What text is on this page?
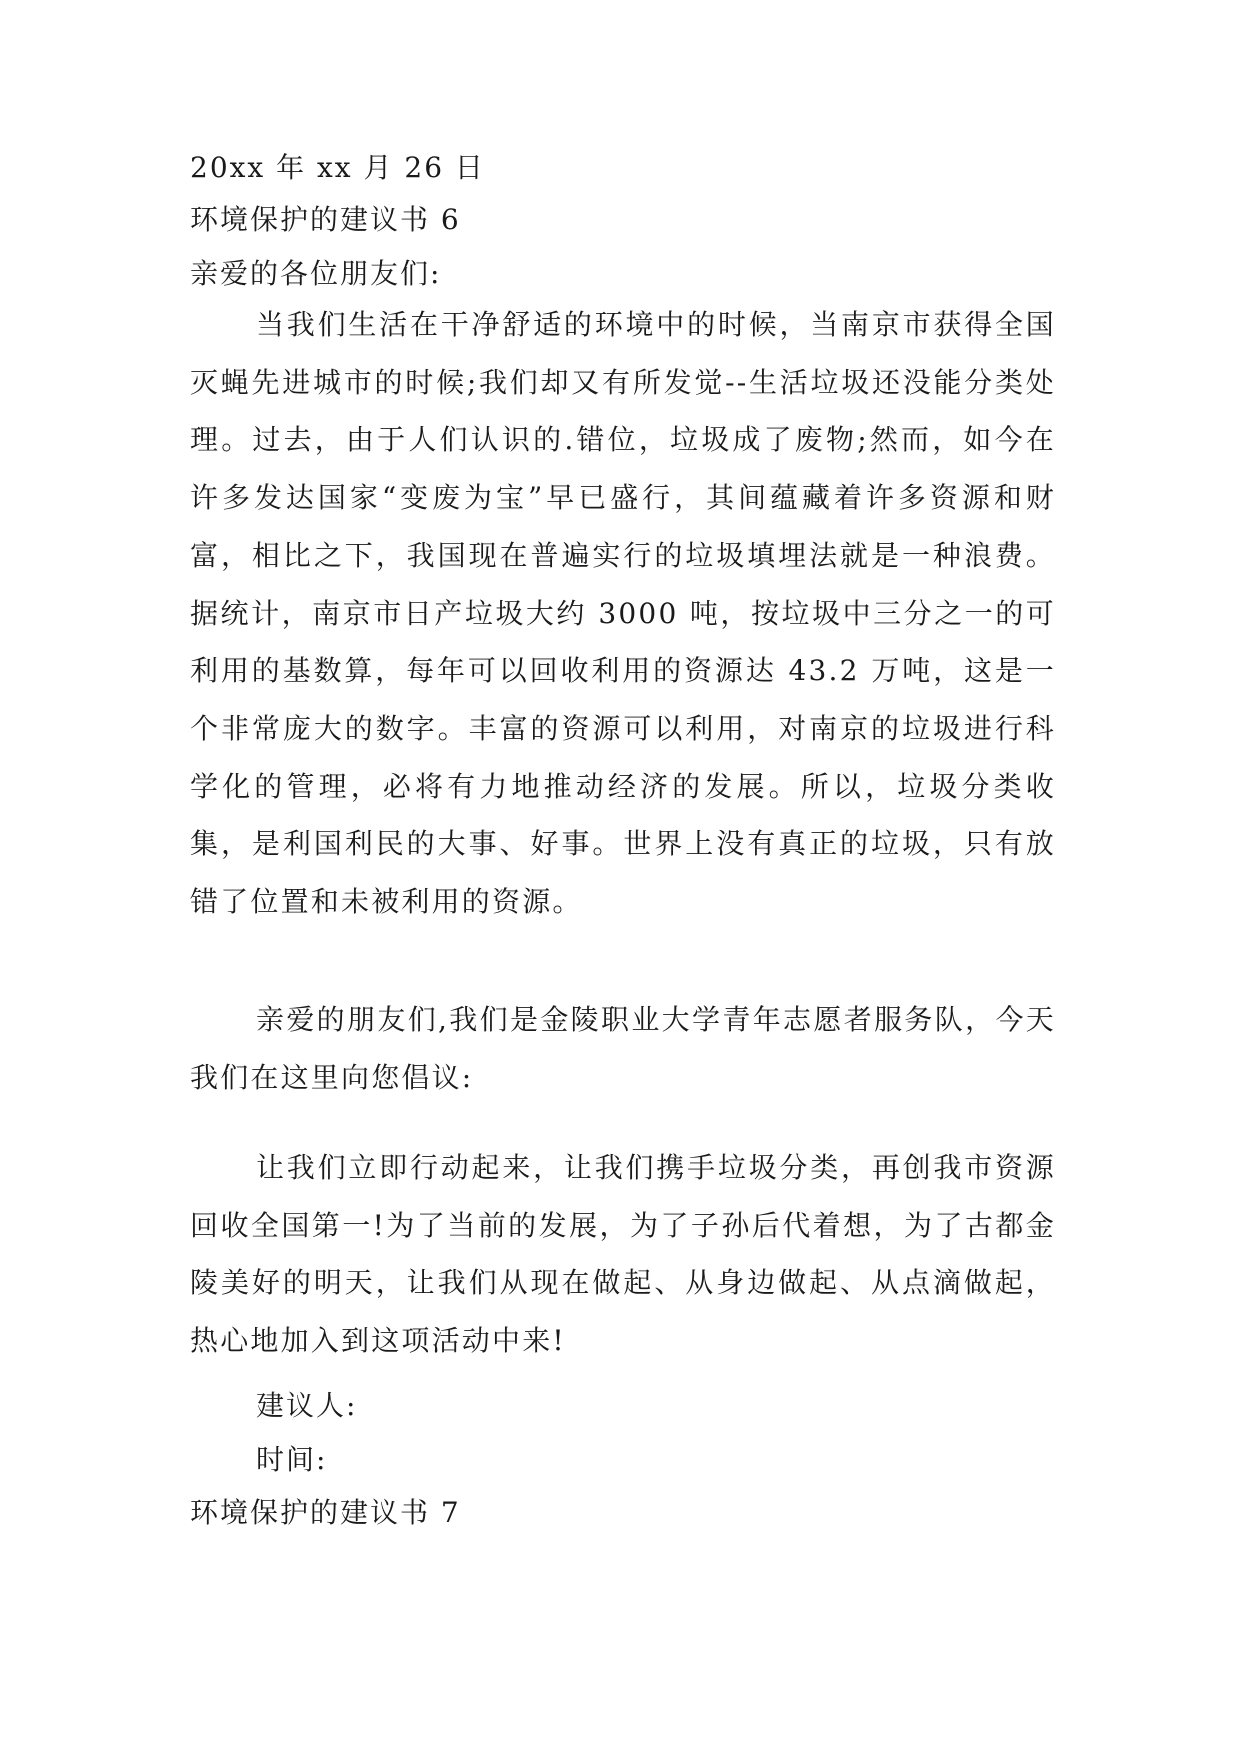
20xx 年 xx 月 26 日
环境保护的建议书 6
亲爱的各位朋友们:
当我们生活在干净舒适的环境中的时候，当南京市获得全国灭蝇先进城市的时候;我们却又有所发觉--生活垃圾还没能分类处理。过去，由于人们认识的.错位，垃圾成了废物;然而，如今在许多发达国家“变废为宝”早已盛行，其间蕴藏着许多资源和财富，相比之下，我国现在普遍实行的垃圾填埋法就是一种浪费。据统计，南京市日产垃圾大约 3000 吨，按垃圾中三分之一的可利用的基数算，每年可以回收利用的资源达 43.2 万吨，这是一个非常庞大的数字。丰富的资源可以利用，对南京的垃圾进行科学化的管理，必将有力地推动经济的发展。所以，垃圾分类收集，是利国利民的大事、好事。世界上没有真正的垃圾，只有放错了位置和未被利用的资源。
亲爱的朋友们,我们是金陵职业大学青年志愿者服务队，今天我们在这里向您倡议:
让我们立即行动起来，让我们携手垃圾分类，再创我市资源回收全国第一!为了当前的发展，为了子孙后代着想，为了古都金陵美好的明天，让我们从现在做起、从身边做起、从点滴做起，热心地加入到这项活动中来!
建议人:
时间:
环境保护的建议书 7
